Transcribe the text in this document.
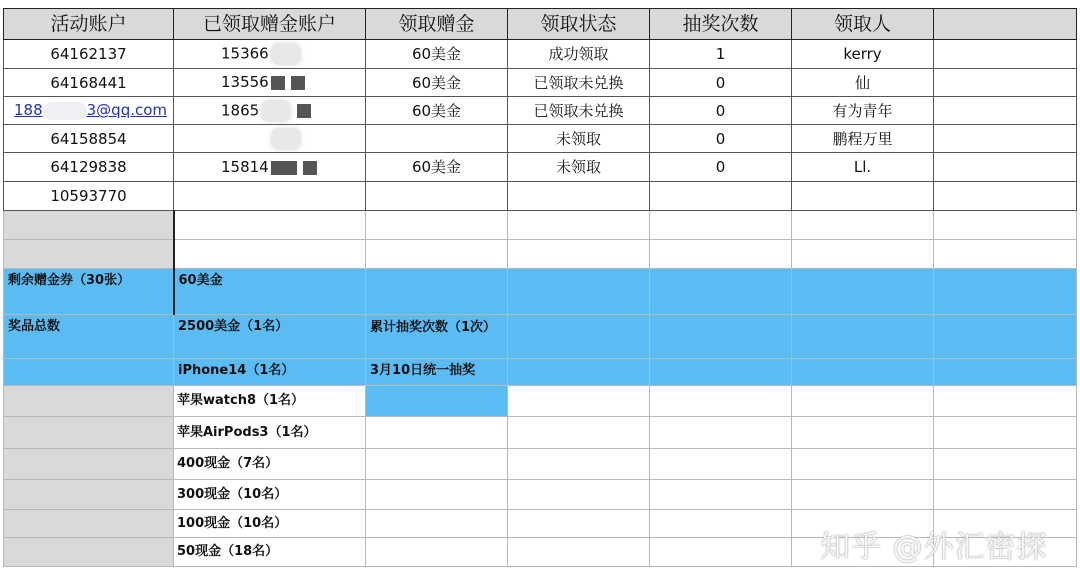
活动账户	已领取赠金账户	领取赠金	领取状态	抽奖次数	领取人	
64162137	15366	60美金	成功领取	1	kerry	
64168441	13556	60美金	已领取未兑换	0	仙	
188 3@qq.com	1865	60美金	已领取未兑换	0	有为青年	
64158854			未领取	0	鹏程万里	
64129838	15814	60美金	未领取	0	Ll.	
10593770						

剩余赠金券（30张）	60美金					
奖品总数	2500美金（1名）	累计抽奖次数（1次）				
	iPhone14（1名）	3月10日统一抽奖				
	苹果watch8（1名）					
	苹果AirPods3（1名）					
	400现金（7名）					
	300现金（10名）					
	100现金（10名）					
	50现金（18名）						知乎 @外汇密探
